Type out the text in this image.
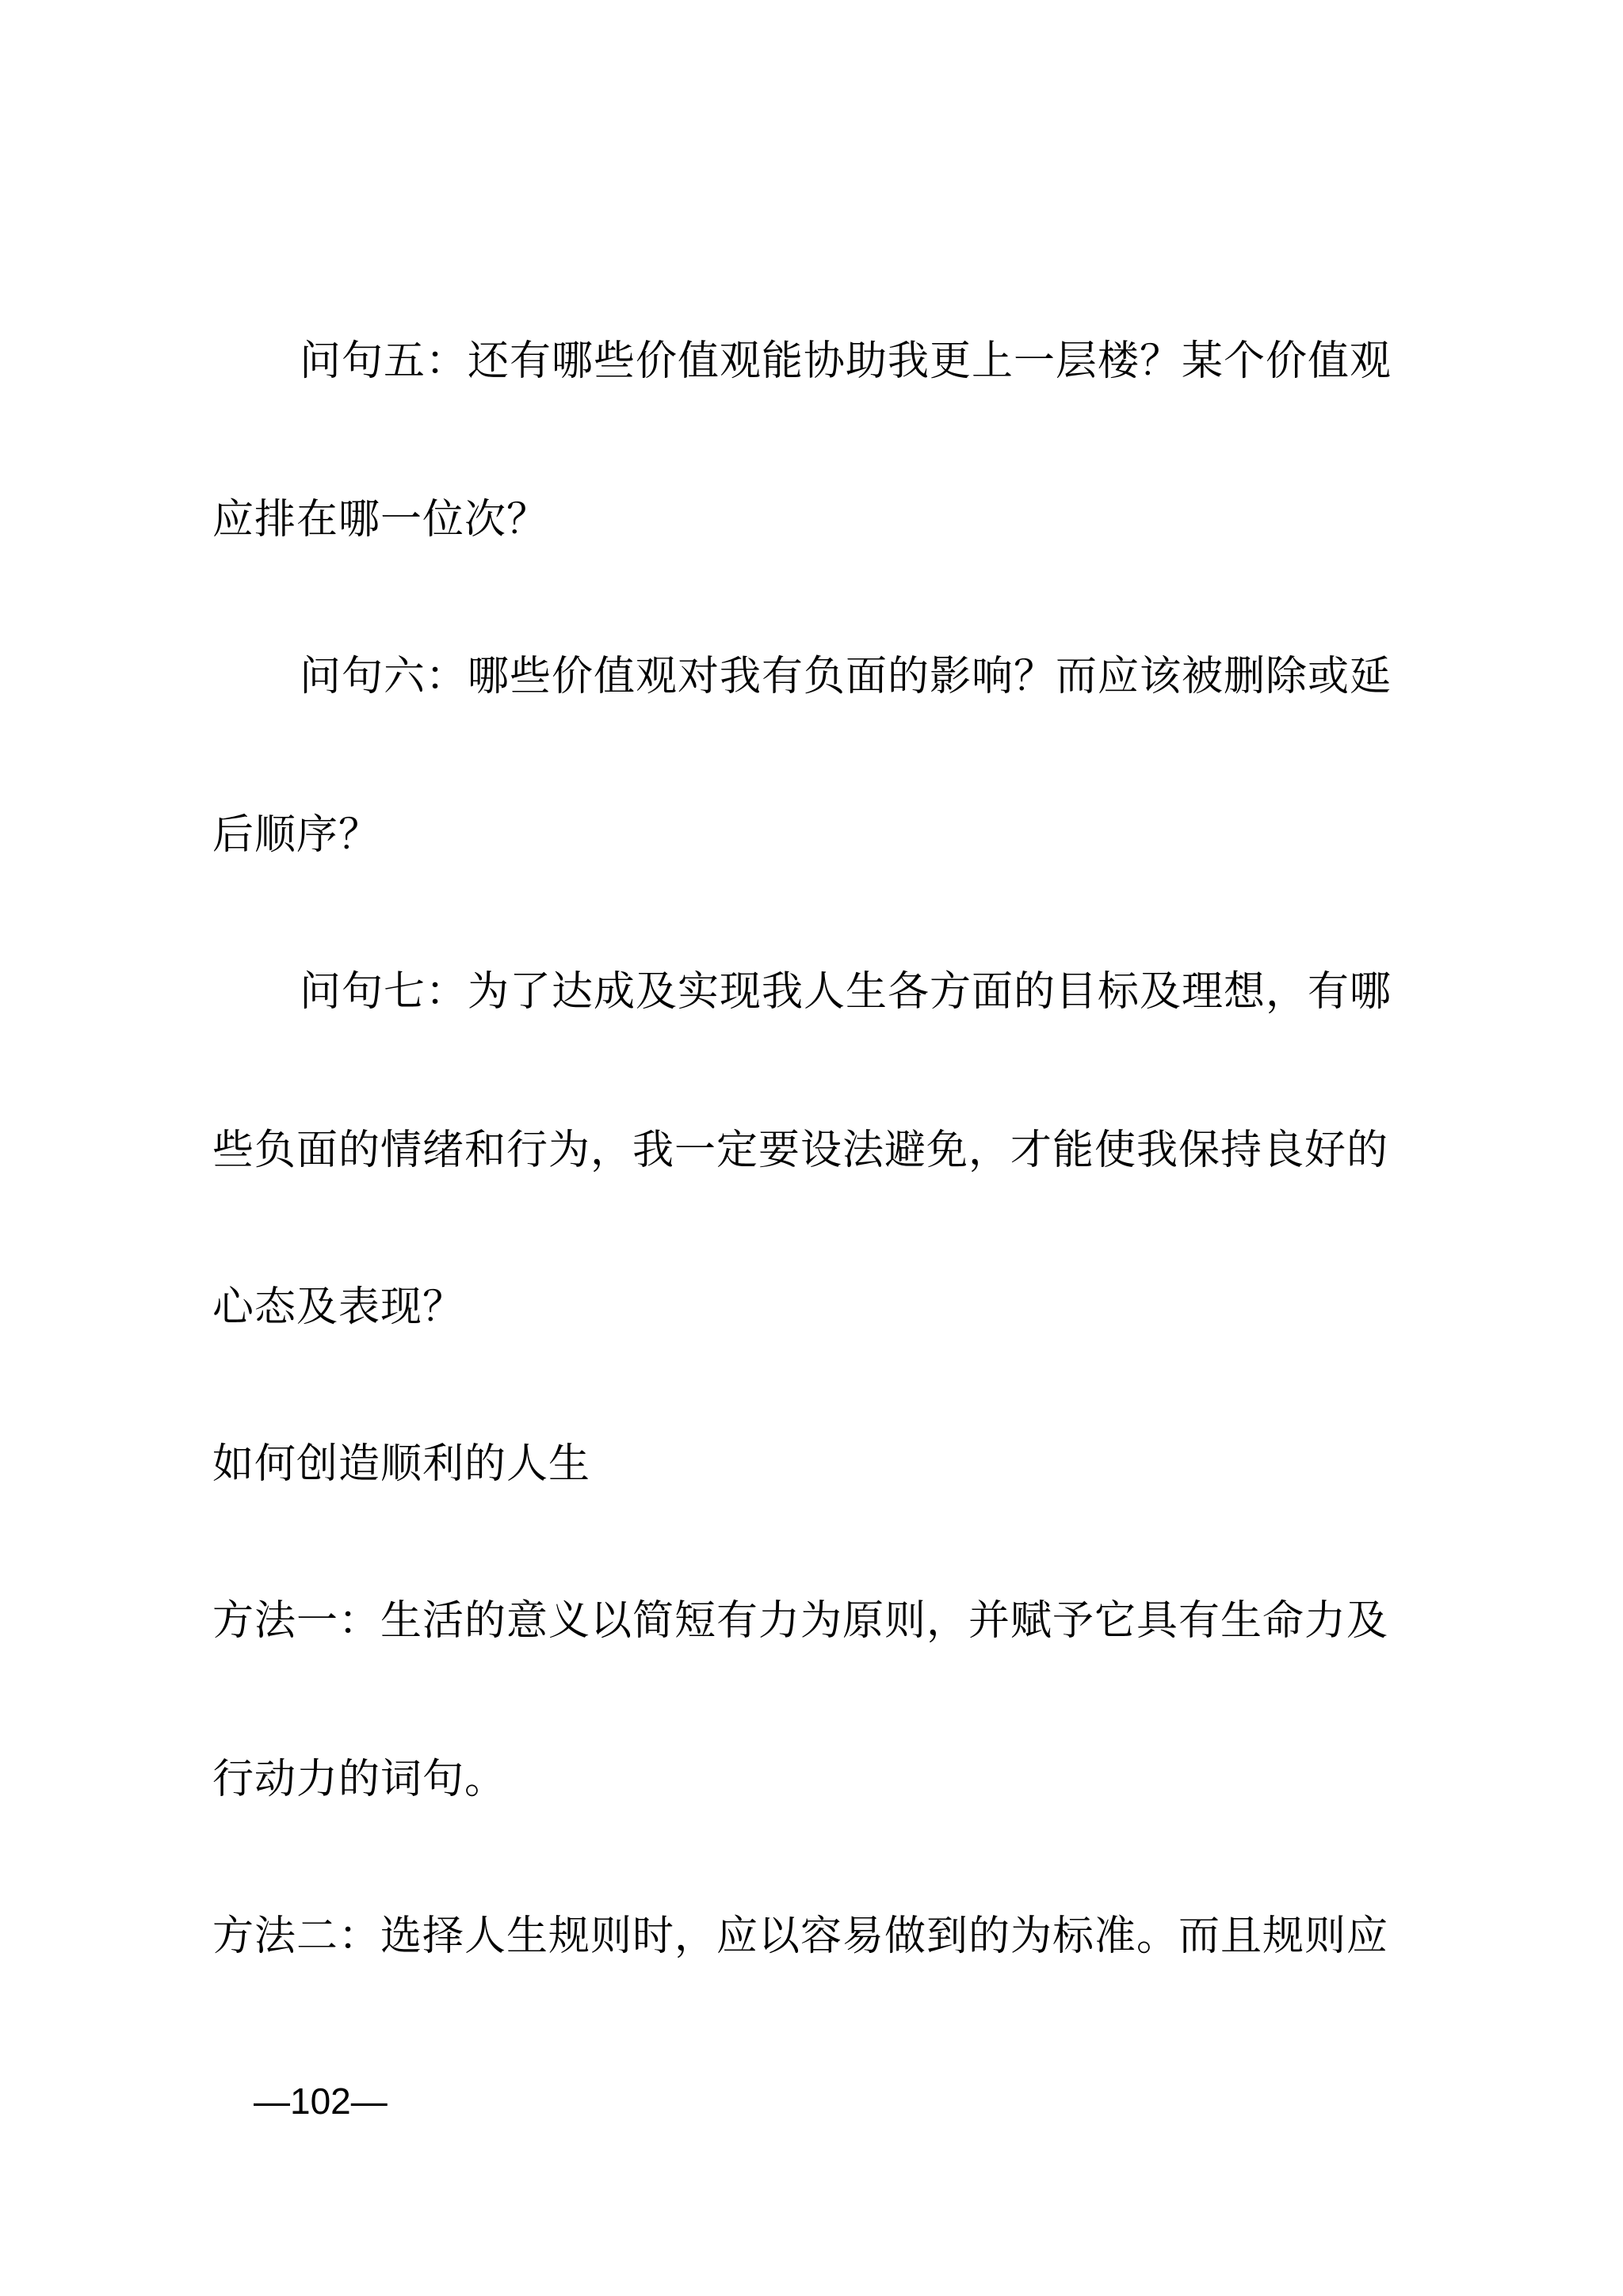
问句五：还有哪些价值观能协助我更上一层楼？某个价值观
应排在哪一位次？
问句六：哪些价值观对我有负面的影响？而应该被删除或延
后顺序？
问句七：为了达成及实现我人生各方面的目标及理想，有哪
些负面的情绪和行为，我一定要设法避免，才能使我保持良好的
心态及表现？
如何创造顺利的人生
方法一：生活的意义以简短有力为原则，并赋予它具有生命力及
行动力的词句。
方法二：选择人生规则时，应以容易做到的为标准。而且规则应
—102—
